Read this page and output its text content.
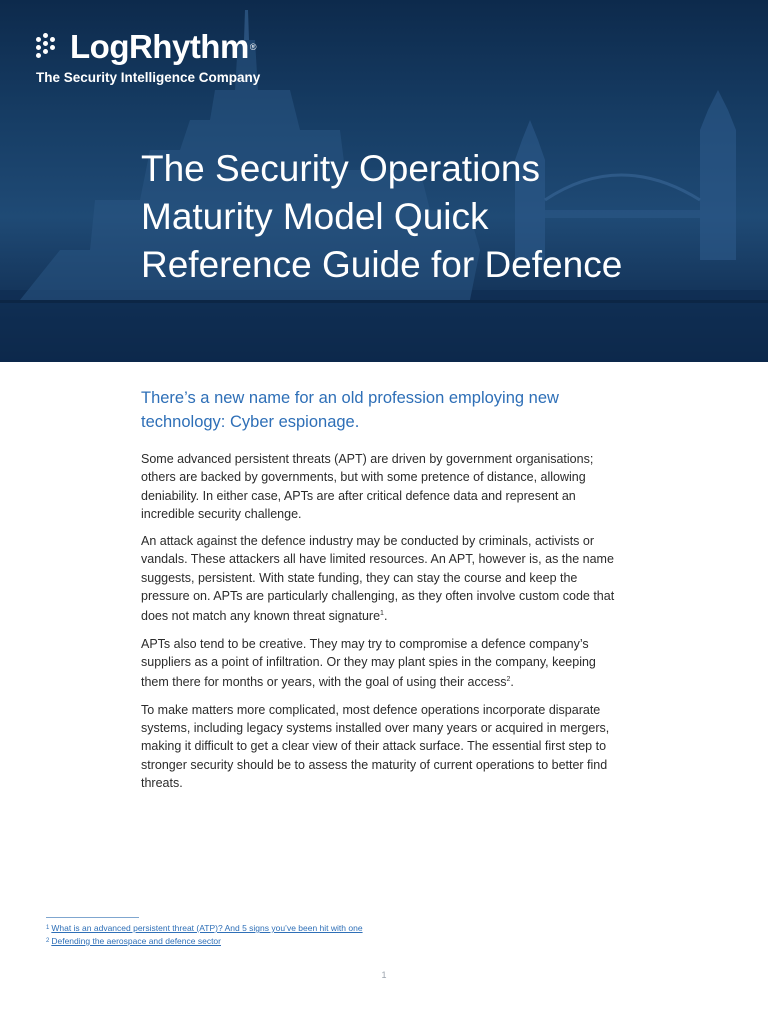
LogRhythm ®
The Security Intelligence Company
The Security Operations
Maturity Model Quick
Reference Guide for Defence

There’s a new name for an old profession employing new technology: Cyber espionage.

Some advanced persistent threats (APT) are driven by government organisations; others are backed by governments, but with some pretence of distance, allowing deniability. In either case, APTs are after critical defence data and represent an incredible security challenge.

An attack against the defence industry may be conducted by criminals, activists or vandals. These attackers all have limited resources. An APT, however is, as the name suggests, persistent. With state funding, they can stay the course and keep the pressure on. APTs are particularly challenging, as they often involve custom code that does not match any known threat signature$^1$.

APTs also tend to be creative. They may try to compromise a defence company’s suppliers as a point of infiltration. Or they may plant spies in the company, keeping them there for months or years, with the goal of using their access$^2$.

To make matters more complicated, most defence operations incorporate disparate systems, including legacy systems installed over many years or acquired in mergers, making it difficult to get a clear view of their attack surface. The essential first step to stronger security should be to assess the maturity of current operations to better find threats.

$^1$ What is an advanced persistent threat (ATP)? And 5 signs you’ve been hit with one
$^2$ Defending the aerospace and defence sector
1
